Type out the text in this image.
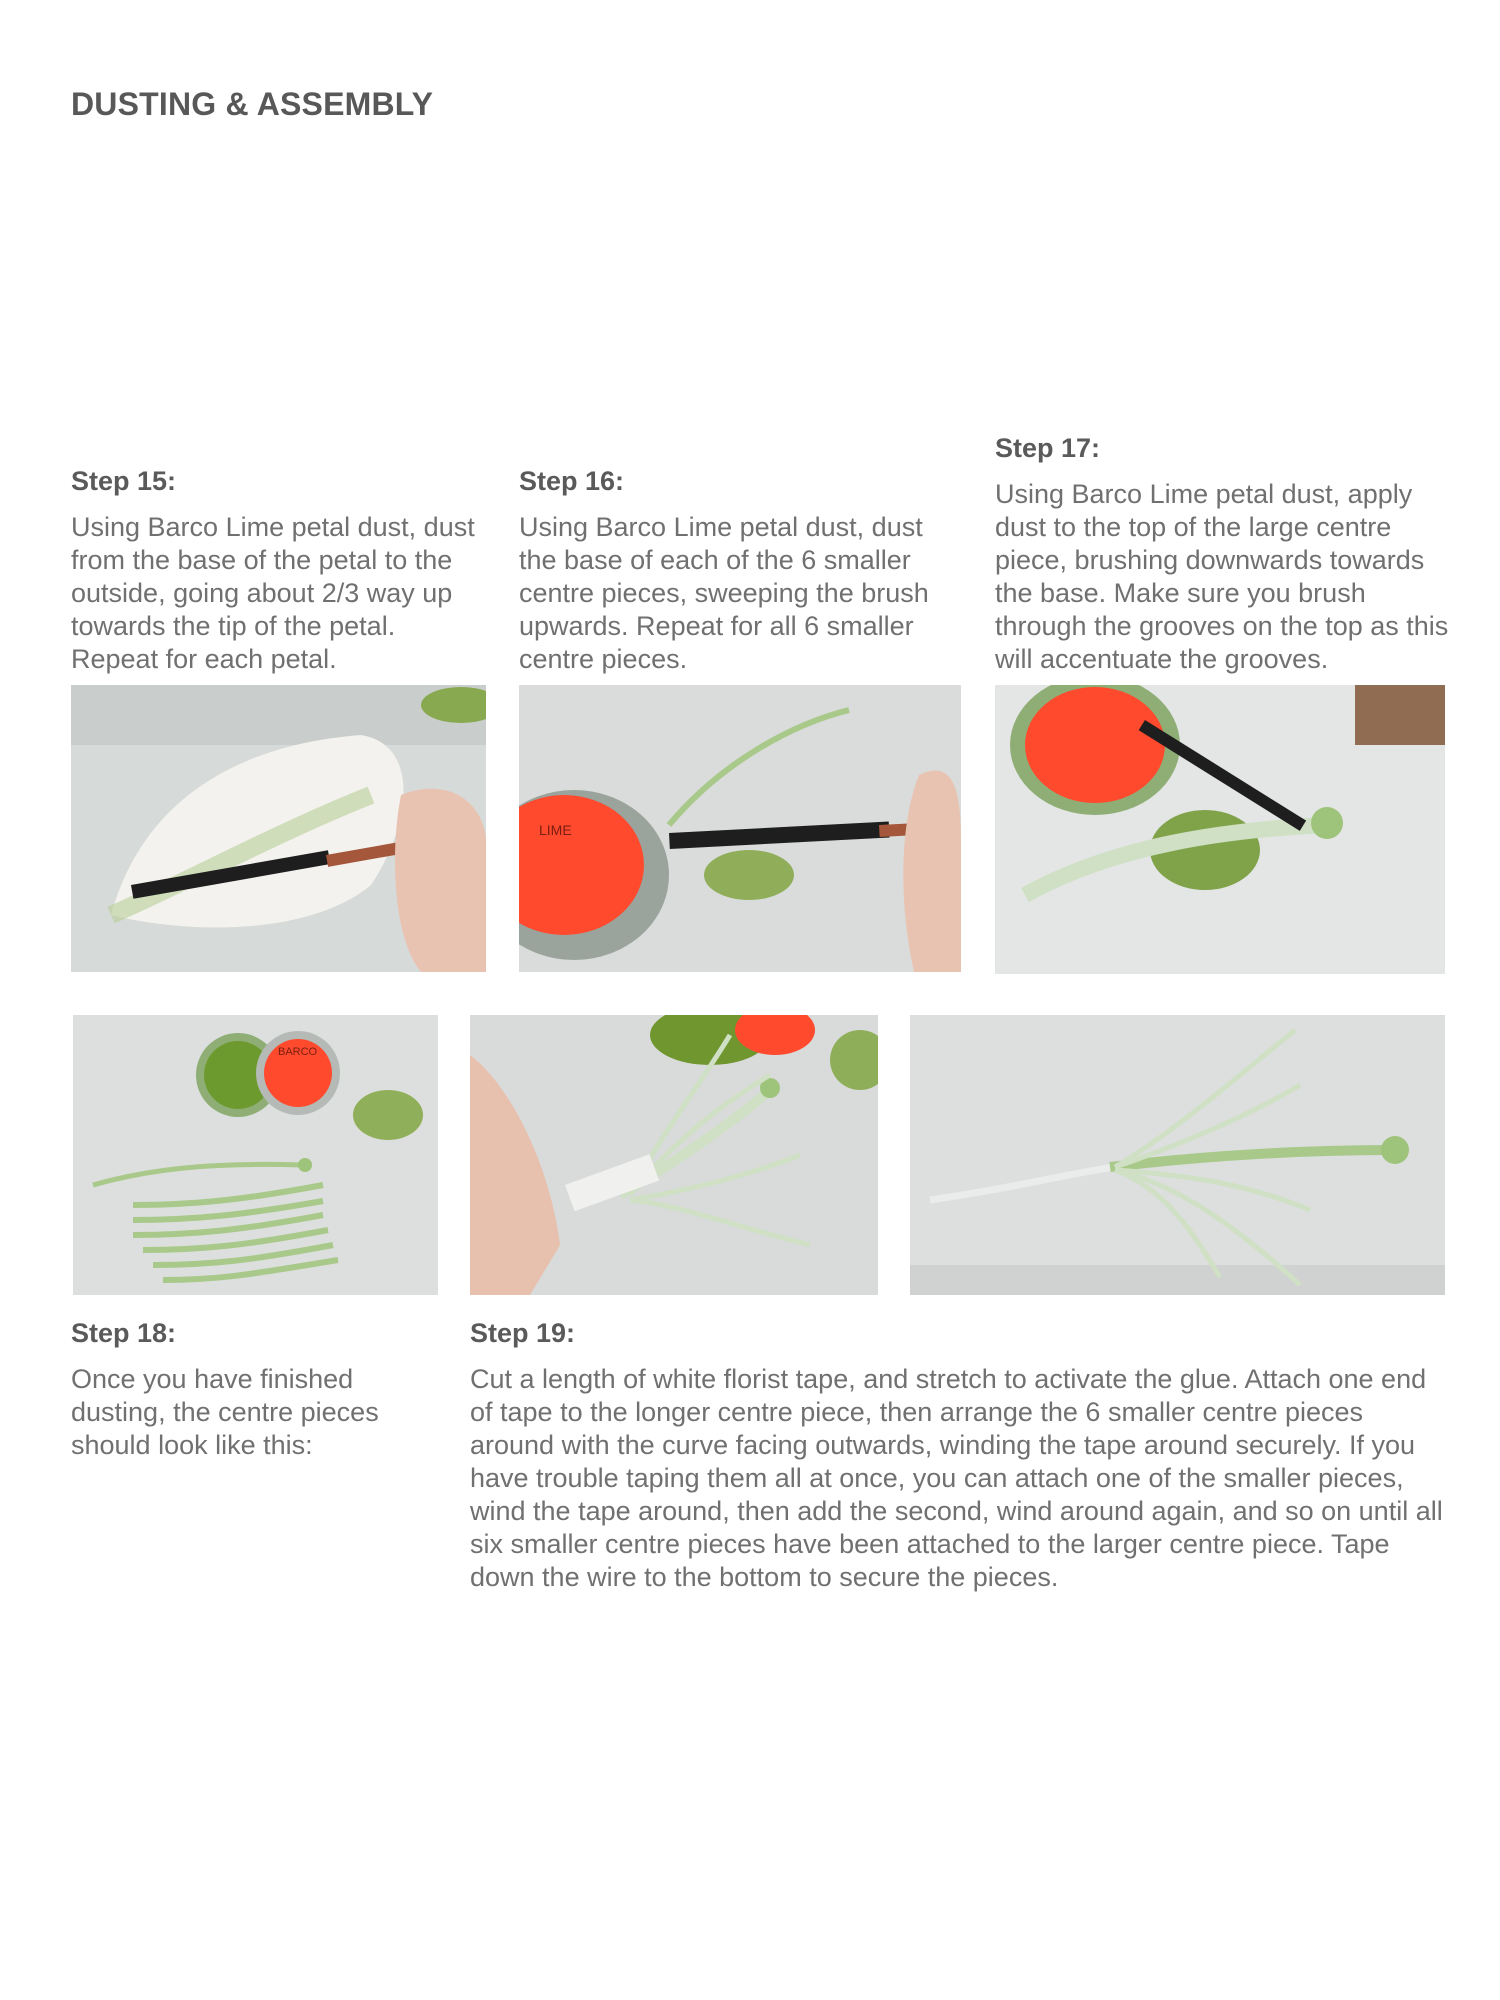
DUSTING & ASSEMBLY
Step 15:

Using Barco Lime petal dust, dust from the base of the petal to the outside, going about 2/3 way up towards the tip of the petal. Repeat for each petal.

Step 16:

Using Barco Lime petal dust, dust the base of each of the 6 smaller centre pieces, sweeping the brush upwards. Repeat for all 6 smaller centre pieces.

Step 17:

Using Barco Lime petal dust, apply dust to the top of the large centre piece, brushing downwards towards the base. Make sure you brush through the grooves on the top as this will accentuate the grooves.

LIME
BARCO
Step 18:

Once you have finished dusting, the centre pieces should look like this:

Step 19:

Cut a length of white florist tape, and stretch to activate the glue. Attach one end of tape to the longer centre piece, then arrange the 6 smaller centre pieces around with the curve facing outwards, winding the tape around securely. If you have trouble taping them all at once, you can attach one of the smaller pieces, wind the tape around, then add the second, wind around again, and so on until all six smaller centre pieces have been attached to the larger centre piece. Tape down the wire to the bottom to secure the pieces.
